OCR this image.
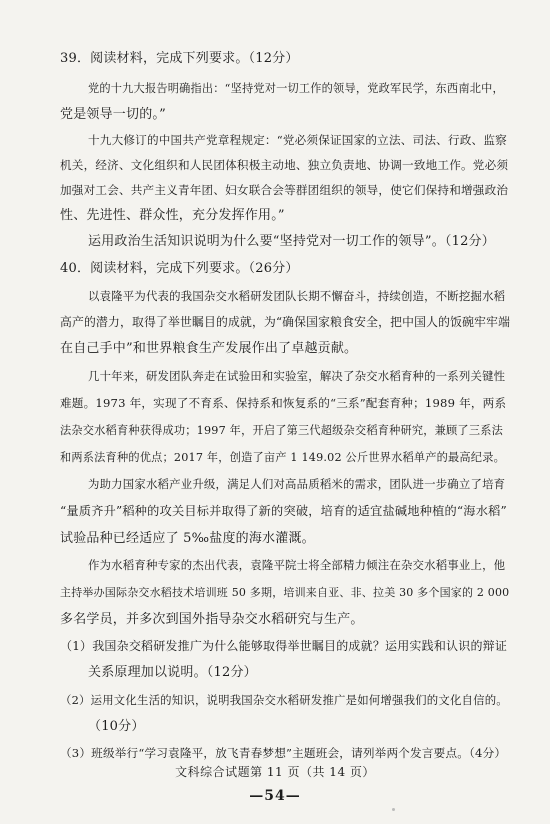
39．阅读材料，完成下列要求。（12分）
党的十九大报告明确指出：“坚持党对一切工作的领导，党政军民学，东西南北中，
党是领导一切的。”
十九大修订的中国共产党章程规定：“党必须保证国家的立法、司法、行政、监察
机关，经济、文化组织和人民团体积极主动地、独立负责地、协调一致地工作。党必须
加强对工会、共产主义青年团、妇女联合会等群团组织的领导，使它们保持和增强政治
性、先进性、群众性，充分发挥作用。”
运用政治生活知识说明为什么要“坚持党对一切工作的领导”。（12分）
40．阅读材料，完成下列要求。（26分）
以袁隆平为代表的我国杂交水稻研发团队长期不懈奋斗，持续创造，不断挖掘水稻
高产的潜力，取得了举世瞩目的成就，为“确保国家粮食安全，把中国人的饭碗牢牢端
在自己手中”和世界粮食生产发展作出了卓越贡献。
几十年来，研发团队奔走在试验田和实验室，解决了杂交水稻育种的一系列关键性
难题。1973 年，实现了不育系、保持系和恢复系的“三系”配套育种；1989 年，两系
法杂交水稻育种获得成功；1997 年，开启了第三代超级杂交稻育种研究，兼顾了三系法
和两系法育种的优点；2017 年，创造了亩产 1 149.02 公斤世界水稻单产的最高纪录。
为助力国家水稻产业升级，满足人们对高品质稻米的需求，团队进一步确立了培育
“量质齐升”稻种的攻关目标并取得了新的突破，培育的适宜盐碱地种植的“海水稻”
试验品种已经适应了 5‰盐度的海水灌溉。
作为水稻育种专家的杰出代表，袁隆平院士将全部精力倾注在杂交水稻事业上，他
主持举办国际杂交水稻技术培训班 50 多期，培训来自亚、非、拉美 30 多个国家的 2 000
多名学员，并多次到国外指导杂交水稻研究与生产。
（1）我国杂交稻研发推广为什么能够取得举世瞩目的成就？运用实践和认识的辩证
关系原理加以说明。（12分）
（2）运用文化生活的知识，说明我国杂交水稻研发推广是如何增强我们的文化自信的。
（10分）
（3）班级举行“学习袁隆平，放飞青春梦想”主题班会，请列举两个发言要点。（4分）
文科综合试题第 11 页（共 14 页）
—54—
